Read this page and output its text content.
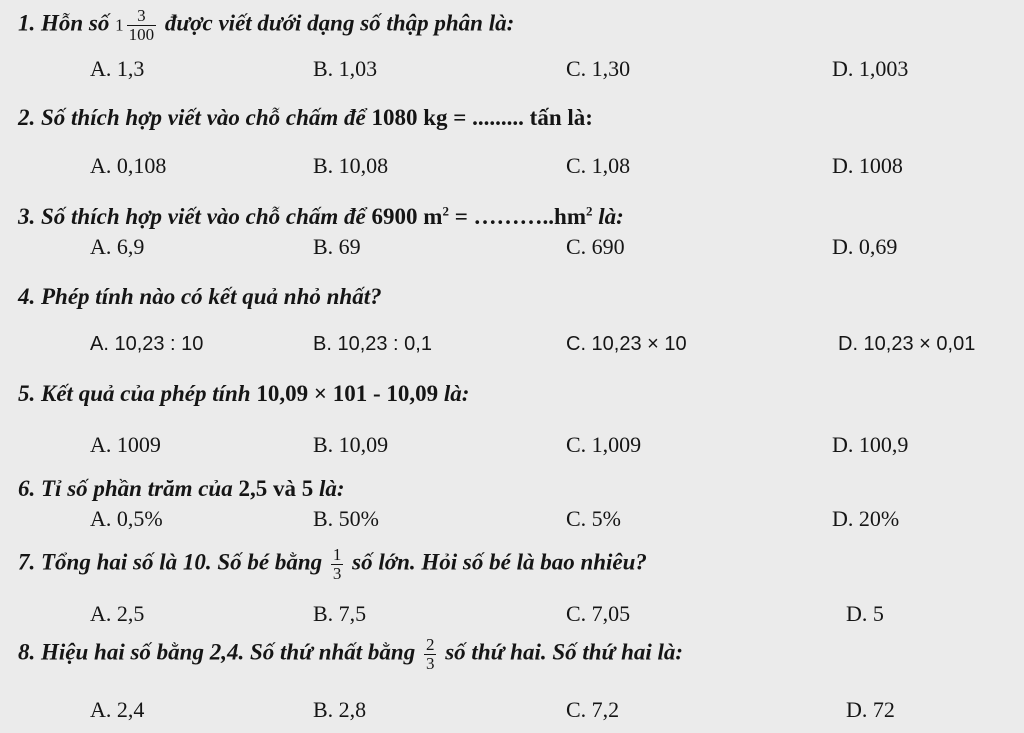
1. Hỗn số $1 \frac{3}{100}$ được viết dưới dạng số thập phân là:
A. 1,3	B. 1,03	C. 1,30	D. 1,003
2. Số thích hợp viết vào chỗ chấm để 1080 kg = ......... tấn là:
A. 0,108	B. 10,08	C. 1,08	D. 1008
3. Số thích hợp viết vào chỗ chấm để 6900 $m^2$ = $\dots\dots\dots..hm^2$ là:
A. 6,9	B. 69	C. 690	D. 0,69
4. Phép tính nào có kết quả nhỏ nhất?
A. 10,23 : 10	B. 10,23 : 0,1	C. 10,23 × 10	D. 10,23 × 0,01
5. Kết quả của phép tính 10,09 × 101 - 10,09 là:
A. 1009	B. 10,09	C. 1,009	D. 100,9
6. Tỉ số phần trăm của 2,5 và 5 là:
A. 0,5%	B. 50%	C. 5%	D. 20%
7. Tổng hai số là 10. Số bé bằng $\frac{1}{3}$ số lớn. Hỏi số bé là bao nhiêu?
A. 2,5	B. 7,5	C. 7,05	D. 5
8. Hiệu hai số bằng 2,4. Số thứ nhất bằng $\frac{2}{3}$ số thứ hai. Số thứ hai là:
A. 2,4	B. 2,8	C. 7,2	D. 72
